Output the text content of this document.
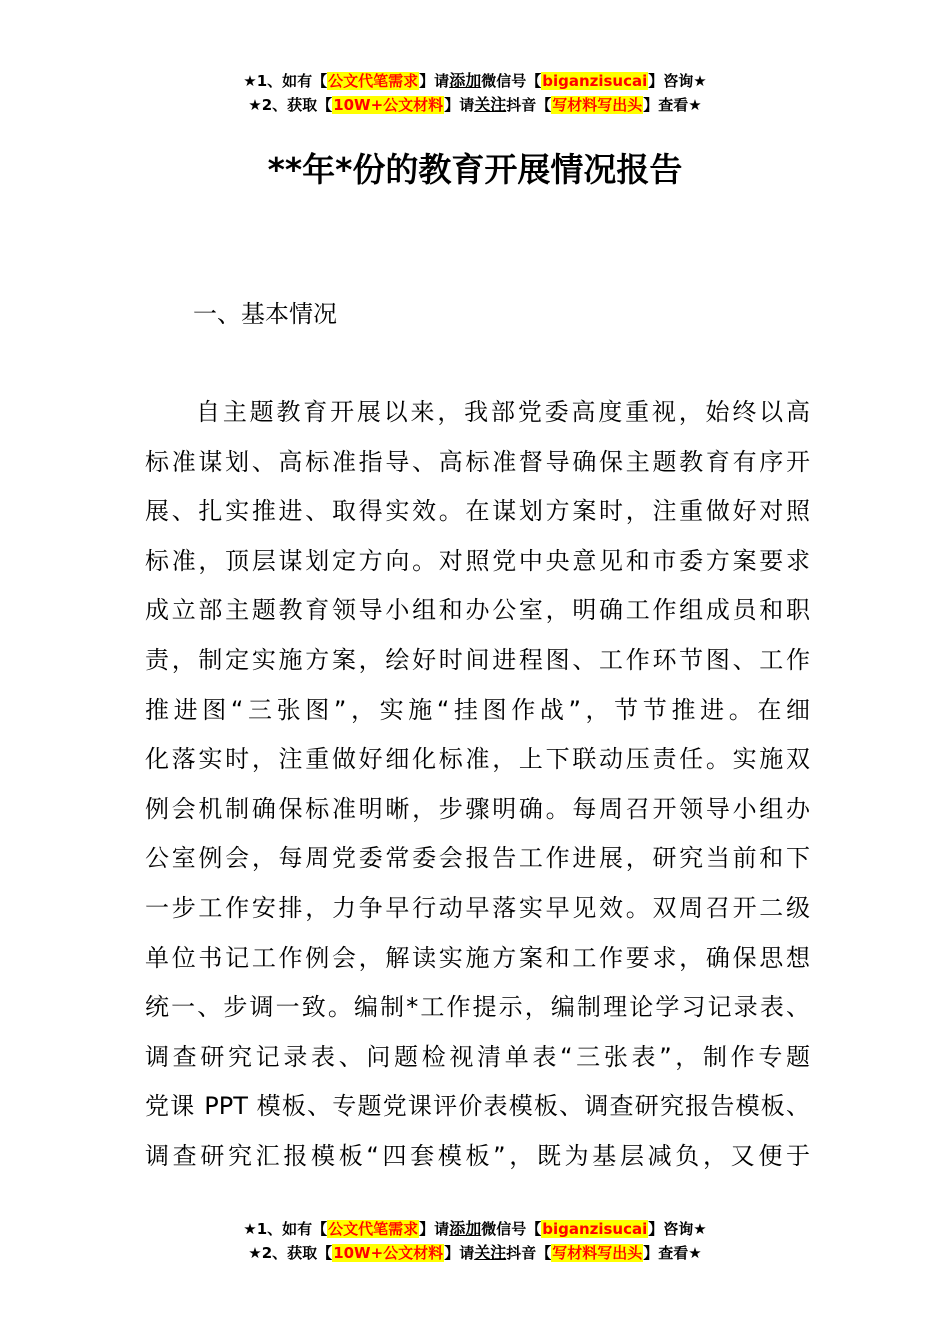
★1、如有【公文代笔需求】请添加微信号【biganzisucai】咨询★
★2、获取【10W+公文材料】请关注抖音【写材料写出头】查看★
**年*份的教育开展情况报告
一、基本情况
自主题教育开展以来，我部党委高度重视，始终以高
标准谋划、高标准指导、高标准督导确保主题教育有序开
展、扎实推进、取得实效。在谋划方案时，注重做好对照
标准，顶层谋划定方向。对照党中央意见和市委方案要求
成立部主题教育领导小组和办公室，明确工作组成员和职
责，制定实施方案，绘好时间进程图、工作环节图、工作
推进图“三张图”，实施“挂图作战”，节节推进。在细
化落实时，注重做好细化标准，上下联动压责任。实施双
例会机制确保标准明晰，步骤明确。每周召开领导小组办
公室例会，每周党委常委会报告工作进展，研究当前和下
一步工作安排，力争早行动早落实早见效。双周召开二级
单位书记工作例会，解读实施方案和工作要求，确保思想
统一、步调一致。编制*工作提示，编制理论学习记录表、
调查研究记录表、问题检视清单表“三张表”，制作专题
党课 PPT 模板、专题党课评价表模板、调查研究报告模板、
调查研究汇报模板“四套模板”，既为基层减负，又便于
★1、如有【公文代笔需求】请添加微信号【biganzisucai】咨询★
★2、获取【10W+公文材料】请关注抖音【写材料写出头】查看★
